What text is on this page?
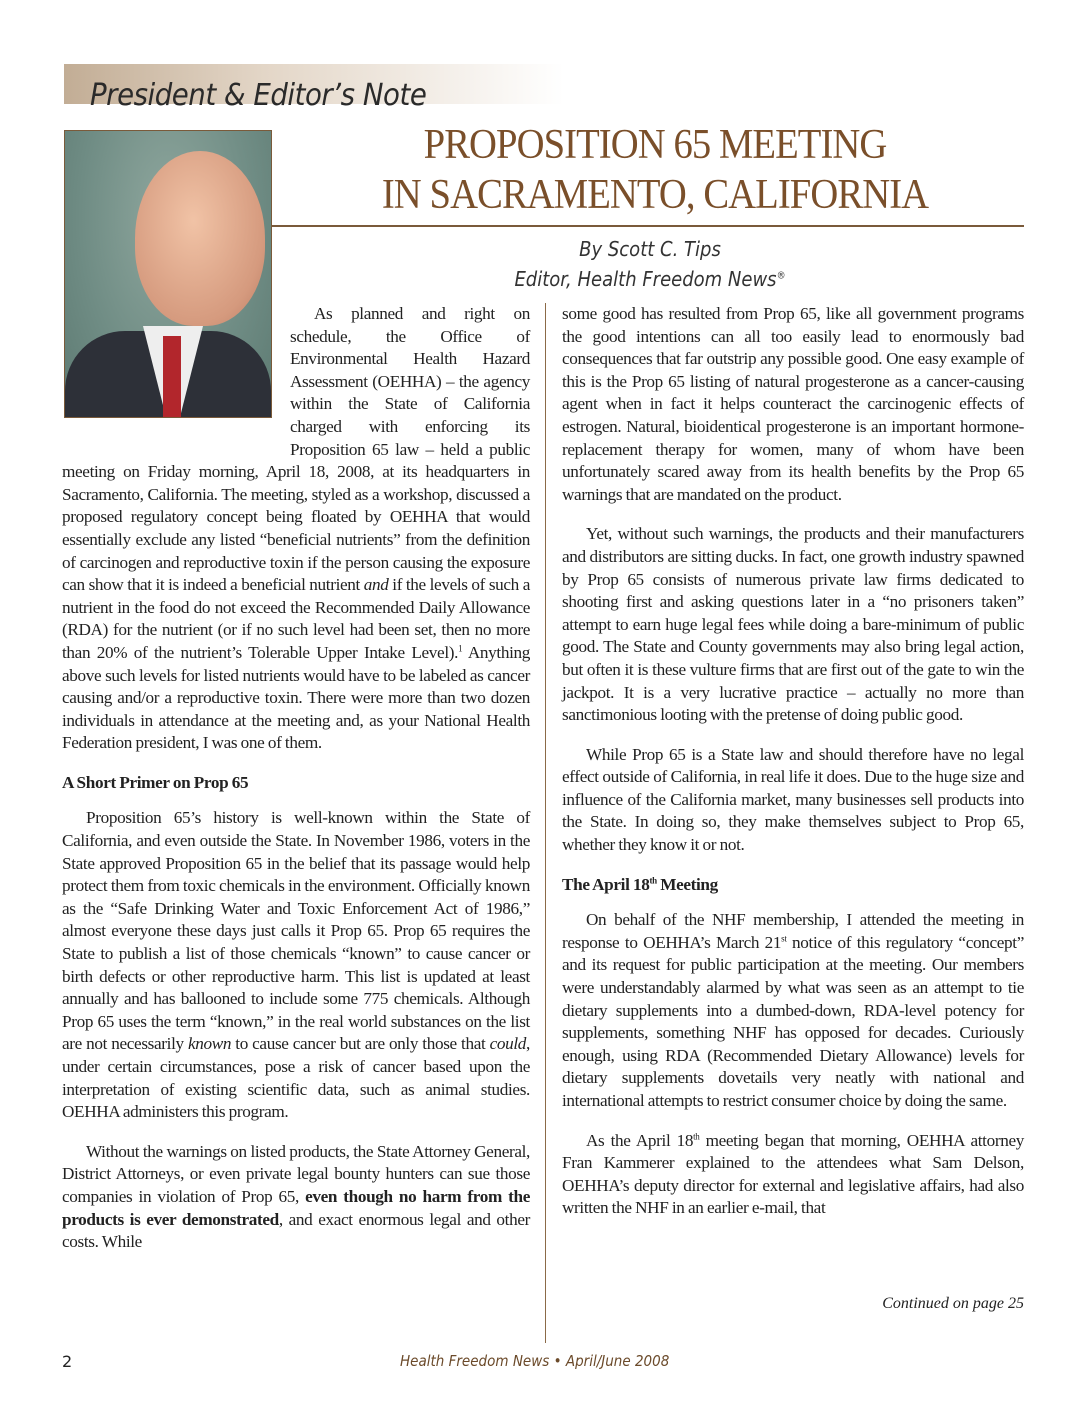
President & Editor’s Note
PROPOSITION 65 MEETING
IN SACRAMENTO, CALIFORNIA
By Scott C. Tips
Editor, Health Freedom News®

As planned and right on schedule, the Office of Environmental Health Hazard Assessment (OEHHA) – the agency within the State of California charged with enforcing its Proposition 65 law – held a public meeting on Friday morning, April 18, 2008, at its headquarters in Sacramento, California. The meeting, styled as a workshop, discussed a proposed regulatory concept being floated by OEHHA that would essentially exclude any listed “beneficial nutrients” from the definition of carcinogen and reproductive toxin if the person causing the exposure can show that it is indeed a beneficial nutrient and if the levels of such a nutrient in the food do not exceed the Recommended Daily Allowance (RDA) for the nutrient (or if no such level had been set, then no more than 20% of the nutrient’s Tolerable Upper Intake Level).$^1$ Anything above such levels for listed nutrients would have to be labeled as cancer causing and/or a reproductive toxin. There were more than two dozen individuals in attendance at the meeting and, as your National Health Federation president, I was one of them.

A Short Primer on Prop 65

Proposition 65’s history is well-known within the State of California, and even outside the State. In November 1986, voters in the State approved Proposition 65 in the belief that its passage would help protect them from toxic chemicals in the environment. Officially known as the “Safe Drinking Water and Toxic Enforcement Act of 1986,” almost everyone these days just calls it Prop 65. Prop 65 requires the State to publish a list of those chemicals “known” to cause cancer or birth defects or other reproductive harm. This list is updated at least annually and has ballooned to include some 775 chemicals. Although Prop 65 uses the term “known,” in the real world substances on the list are not necessarily known to cause cancer but are only those that could, under certain circumstances, pose a risk of cancer based upon the interpretation of existing scientific data, such as animal studies. OEHHA administers this program.

Without the warnings on listed products, the State Attorney General, District Attorneys, or even private legal bounty hunters can sue those companies in violation of Prop 65, even though no harm from the products is ever demonstrated, and exact enormous legal and other costs. While

some good has resulted from Prop 65, like all government programs the good intentions can all too easily lead to enormously bad consequences that far outstrip any possible good. One easy example of this is the Prop 65 listing of natural progesterone as a cancer-causing agent when in fact it helps counteract the carcinogenic effects of estrogen. Natural, bioidentical progesterone is an important hormone-replacement therapy for women, many of whom have been unfortunately scared away from its health benefits by the Prop 65 warnings that are mandated on the product.

Yet, without such warnings, the products and their manufacturers and distributors are sitting ducks. In fact, one growth industry spawned by Prop 65 consists of numerous private law firms dedicated to shooting first and asking questions later in a “no prisoners taken” attempt to earn huge legal fees while doing a bare-minimum of public good. The State and County governments may also bring legal action, but often it is these vulture firms that are first out of the gate to win the jackpot. It is a very lucrative practice – actually no more than sanctimonious looting with the pretense of doing public good.

While Prop 65 is a State law and should therefore have no legal effect outside of California, in real life it does. Due to the huge size and influence of the California market, many businesses sell products into the State. In doing so, they make themselves subject to Prop 65, whether they know it or not.

The April 18th Meeting

On behalf of the NHF membership, I attended the meeting in response to OEHHA’s March 21st notice of this regulatory “concept” and its request for public participation at the meeting. Our members were understandably alarmed by what was seen as an attempt to tie dietary supplements into a dumbed-down, RDA-level potency for supplements, something NHF has opposed for decades. Curiously enough, using RDA (Recommended Dietary Allowance) levels for dietary supplements dovetails very neatly with national and international attempts to restrict consumer choice by doing the same.

As the April 18th meeting began that morning, OEHHA attorney Fran Kammerer explained to the attendees what Sam Delson, OEHHA’s deputy director for external and legislative affairs, had also written the NHF in an earlier e-mail, that

Continued on page 25
2	Health Freedom News • April/June 2008
